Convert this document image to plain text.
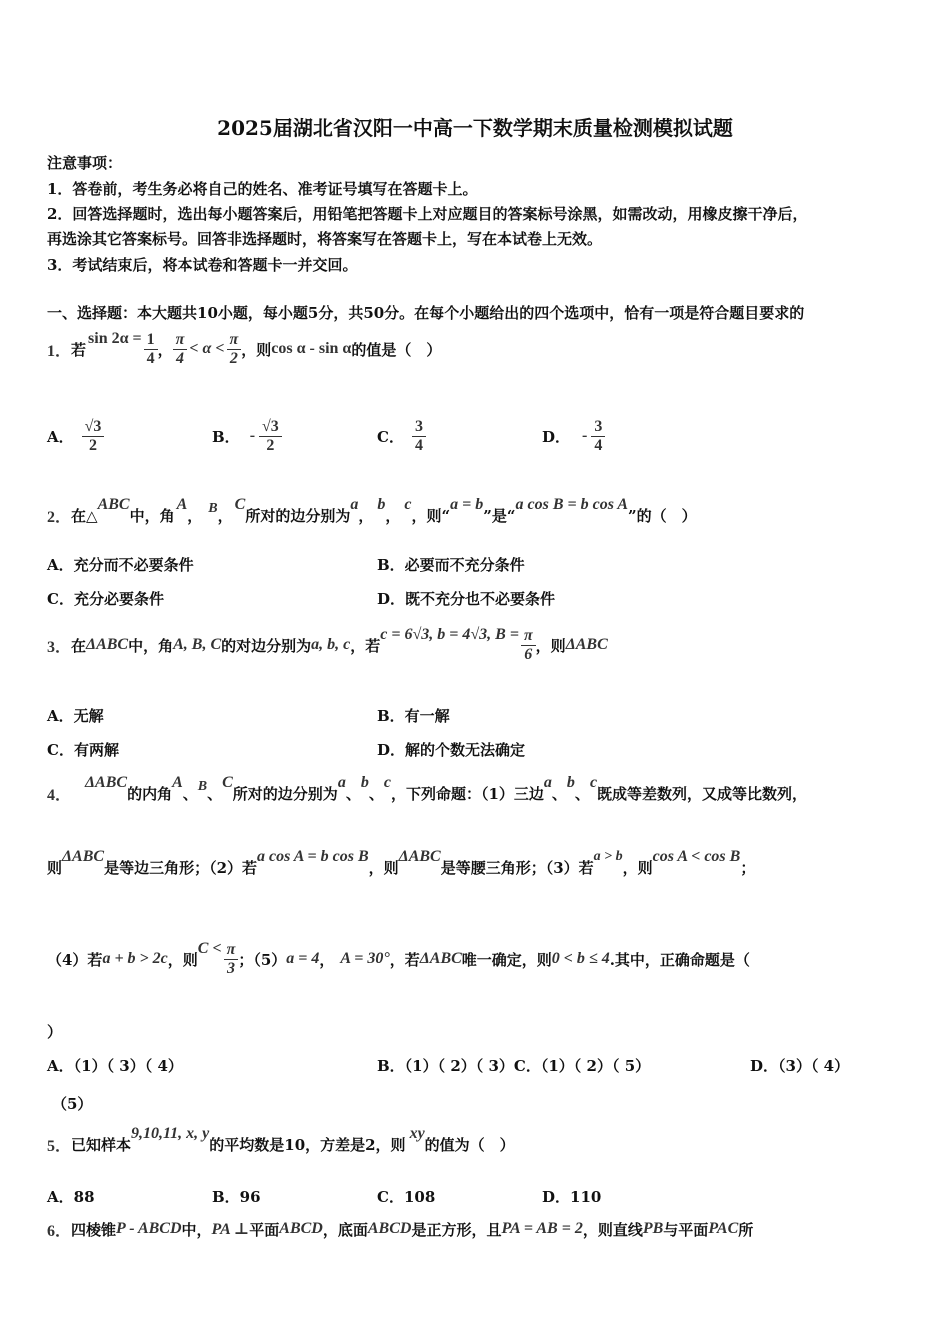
2025届湖北省汉阳一中高一下数学期末质量检测模拟试题
注意事项：
1．答卷前，考生务必将自己的姓名、准考证号填写在答题卡上。
2．回答选择题时，选出每小题答案后，用铅笔把答题卡上对应题目的答案标号涂黑，如需改动，用橡皮擦干净后，
再选涂其它答案标号。回答非选择题时，将答案写在答题卡上，写在本试卷上无效。
3．考试结束后，将本试卷和答题卡一并交回。
一、选择题：本大题共10小题，每小题5分，共50分。在每个小题给出的四个选项中，恰有一项是符合题目要求的
1． 若
$\sin 2\alpha = \frac{1}{4}$ ， $\frac{\pi}{4} < \alpha < \frac{\pi}{2}$ ，则 cos α - sin α 的值是（　）
A． $\frac{√3}{2}$	B． - $\frac{√3}{2}$	C． $\frac{3}{4}$	D． - $\frac{3}{4}$
2． 在△
ABC
中，角
A
， B ，
C
所对的边分别为
a
，
b
，
c
，则“
a = b
”是“
a cos B = b cos A
”的（　）
A．充分而不必要条件	B．必要而不充分条件
C．充分必要条件	D．既不充分也不必要条件
3． 在 ΔABC 中，角 A, B, C 的对边分别为 a, b, c ，若
c = 6√3, b = 4√3, $B = \frac{\pi}{6}$ ，则 ΔABC
A．无解	B．有一解
C．有两解	D．解的个数无法确定
4．
ΔABC
的内角
A
、 B 、
C
所对的边分别为
a
、
b
、
c
，下列命题：（1）三边
a
、
b
、
c
既成等差数列，又成等比数列，
则
ΔABC
是等边三角形；（2）若
a cos A = b cos B
，则
ΔABC
是等腰三角形；（3）若
a > b
，则
cos A < cos B
；
（4）若 a + b > 2c ，则
$C < \frac{\pi}{3}$ ；（5） a = 4 ， A = 30° ，若 ΔABC 唯一确定，则 0 < b ≤ 4 .其中，正确命题是（
）
A．（1）（ 3）（ 4）	B．（1）（ 2）（ 3）C．（1）（ 2）（ 5）	D．（3）（ 4）
（5）
5． 已知样本
9,10,11, x, y
的平均数是10，方差是2，则
xy
的值为（　）
A．88	B．96	C．108	D．110
6． 四棱锥 P - ABCD 中， PA ⊥ 平面 ABCD ，底面 ABCD 是正方形，且 PA = AB = 2 ，则直线 PB 与平面 PAC 所
